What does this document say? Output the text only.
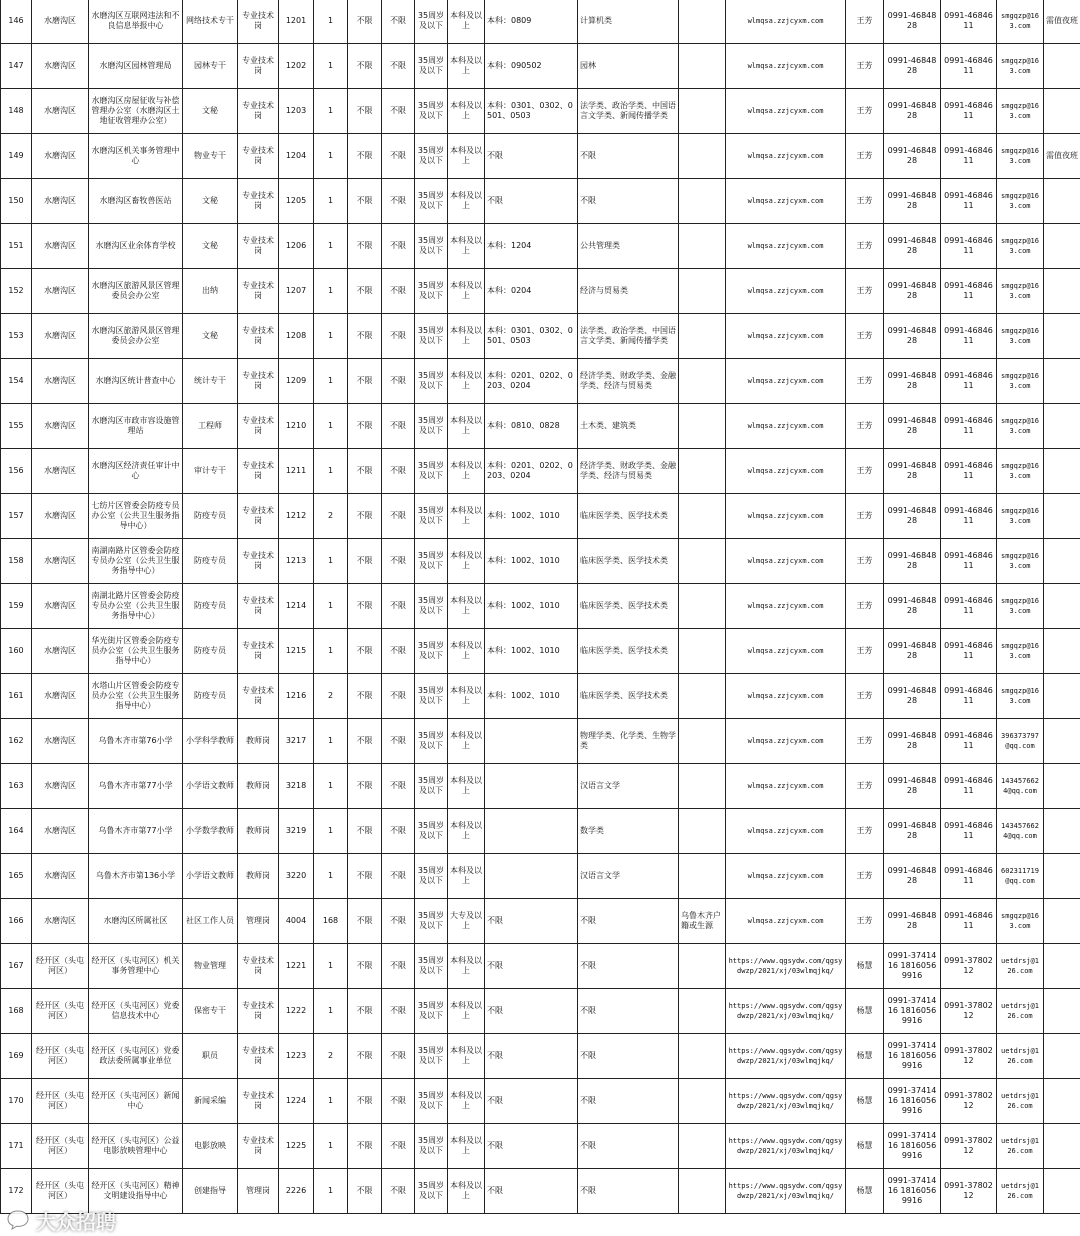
146	水磨沟区	水磨沟区互联网违法和不良信息举报中心	网络技术专干	专业技术岗	1201	1	不限	不限	35周岁及以下	本科及以上	本科：0809	计算机类		wlmqsa.zzjcyxm.com	王芳	0991-4684828	0991-4684611	smgqzp@163.com	需值夜班
147	水磨沟区	水磨沟区园林管理局	园林专干	专业技术岗	1202	1	不限	不限	35周岁及以下	本科及以上	本科：090502	园林		wlmqsa.zzjcyxm.com	王芳	0991-4684828	0991-4684611	smgqzp@163.com	
148	水磨沟区	水磨沟区房屋征收与补偿管理办公室（水磨沟区土地征收管理办公室）	文秘	专业技术岗	1203	1	不限	不限	35周岁及以下	本科及以上	本科：0301、0302、0501、0503	法学类、政治学类、中国语言文学类、新闻传播学类		wlmqsa.zzjcyxm.com	王芳	0991-4684828	0991-4684611	smgqzp@163.com	
149	水磨沟区	水磨沟区机关事务管理中心	物业专干	专业技术岗	1204	1	不限	不限	35周岁及以下	本科及以上	不限	不限		wlmqsa.zzjcyxm.com	王芳	0991-4684828	0991-4684611	smgqzp@163.com	需值夜班
150	水磨沟区	水磨沟区畜牧兽医站	文秘	专业技术岗	1205	1	不限	不限	35周岁及以下	本科及以上	不限	不限		wlmqsa.zzjcyxm.com	王芳	0991-4684828	0991-4684611	smgqzp@163.com	
151	水磨沟区	水磨沟区业余体育学校	文秘	专业技术岗	1206	1	不限	不限	35周岁及以下	本科及以上	本科：1204	公共管理类		wlmqsa.zzjcyxm.com	王芳	0991-4684828	0991-4684611	smgqzp@163.com	
152	水磨沟区	水磨沟区旅游风景区管理委员会办公室	出纳	专业技术岗	1207	1	不限	不限	35周岁及以下	本科及以上	本科：0204	经济与贸易类		wlmqsa.zzjcyxm.com	王芳	0991-4684828	0991-4684611	smgqzp@163.com	
153	水磨沟区	水磨沟区旅游风景区管理委员会办公室	文秘	专业技术岗	1208	1	不限	不限	35周岁及以下	本科及以上	本科：0301、0302、0501、0503	法学类、政治学类、中国语言文学类、新闻传播学类		wlmqsa.zzjcyxm.com	王芳	0991-4684828	0991-4684611	smgqzp@163.com	
154	水磨沟区	水磨沟区统计普查中心	统计专干	专业技术岗	1209	1	不限	不限	35周岁及以下	本科及以上	本科：0201、0202、0203、0204	经济学类、财政学类、金融学类、经济与贸易类		wlmqsa.zzjcyxm.com	王芳	0991-4684828	0991-4684611	smgqzp@163.com	
155	水磨沟区	水磨沟区市政市容设施管理站	工程师	专业技术岗	1210	1	不限	不限	35周岁及以下	本科及以上	本科：0810、0828	土木类、建筑类		wlmqsa.zzjcyxm.com	王芳	0991-4684828	0991-4684611	smgqzp@163.com	
156	水磨沟区	水磨沟区经济责任审计中心	审计专干	专业技术岗	1211	1	不限	不限	35周岁及以下	本科及以上	本科：0201、0202、0203、0204	经济学类、财政学类、金融学类、经济与贸易类		wlmqsa.zzjcyxm.com	王芳	0991-4684828	0991-4684611	smgqzp@163.com	
157	水磨沟区	七纺片区管委会防疫专员办公室（公共卫生服务指导中心）	防疫专员	专业技术岗	1212	2	不限	不限	35周岁及以下	本科及以上	本科：1002、1010	临床医学类、医学技术类		wlmqsa.zzjcyxm.com	王芳	0991-4684828	0991-4684611	smgqzp@163.com	
158	水磨沟区	南湖南路片区管委会防疫专员办公室（公共卫生服务指导中心）	防疫专员	专业技术岗	1213	1	不限	不限	35周岁及以下	本科及以上	本科：1002、1010	临床医学类、医学技术类		wlmqsa.zzjcyxm.com	王芳	0991-4684828	0991-4684611	smgqzp@163.com	
159	水磨沟区	南湖北路片区管委会防疫专员办公室（公共卫生服务指导中心）	防疫专员	专业技术岗	1214	1	不限	不限	35周岁及以下	本科及以上	本科：1002、1010	临床医学类、医学技术类		wlmqsa.zzjcyxm.com	王芳	0991-4684828	0991-4684611	smgqzp@163.com	
160	水磨沟区	华光街片区管委会防疫专员办公室（公共卫生服务指导中心）	防疫专员	专业技术岗	1215	1	不限	不限	35周岁及以下	本科及以上	本科：1002、1010	临床医学类、医学技术类		wlmqsa.zzjcyxm.com	王芳	0991-4684828	0991-4684611	smgqzp@163.com	
161	水磨沟区	水塔山片区管委会防疫专员办公室（公共卫生服务指导中心）	防疫专员	专业技术岗	1216	2	不限	不限	35周岁及以下	本科及以上	本科：1002、1010	临床医学类、医学技术类		wlmqsa.zzjcyxm.com	王芳	0991-4684828	0991-4684611	smgqzp@163.com	
162	水磨沟区	乌鲁木齐市第76小学	小学科学教师	教师岗	3217	1	不限	不限	35周岁及以下	本科及以上		物理学类、化学类、生物学类		wlmqsa.zzjcyxm.com	王芳	0991-4684828	0991-4684611	396373797@qq.com	
163	水磨沟区	乌鲁木齐市第77小学	小学语文教师	教师岗	3218	1	不限	不限	35周岁及以下	本科及以上		汉语言文学		wlmqsa.zzjcyxm.com	王芳	0991-4684828	0991-4684611	1434576624@qq.com	
164	水磨沟区	乌鲁木齐市第77小学	小学数学教师	教师岗	3219	1	不限	不限	35周岁及以下	本科及以上		数学类		wlmqsa.zzjcyxm.com	王芳	0991-4684828	0991-4684611	1434576624@qq.com	
165	水磨沟区	乌鲁木齐市第136小学	小学语文教师	教师岗	3220	1	不限	不限	35周岁及以下	本科及以上		汉语言文学		wlmqsa.zzjcyxm.com	王芳	0991-4684828	0991-4684611	602311719@qq.com	
166	水磨沟区	水磨沟区所属社区	社区工作人员	管理岗	4004	168	不限	不限	35周岁及以下	大专及以上	不限	不限	乌鲁木齐户籍或生源	wlmqsa.zzjcyxm.com	王芳	0991-4684828	0991-4684611	smgqzp@163.com	
167	经开区（头屯河区）	经开区（头屯河区）机关事务管理中心	物业管理	专业技术岗	1221	1	不限	不限	35周岁及以下	本科及以上	不限	不限		https://www.qgsydw.com/qgsydwzp/2021/xj/03wlmqjkq/	杨慧	0991-3741416 18160569916	0991-3780212	uetdrsj@126.com	
168	经开区（头屯河区）	经开区（头屯河区）党委信息技术中心	保密专干	专业技术岗	1222	1	不限	不限	35周岁及以下	本科及以上	不限	不限		https://www.qgsydw.com/qgsydwzp/2021/xj/03wlmqjkq/	杨慧	0991-3741416 18160569916	0991-3780212	uetdrsj@126.com	
169	经开区（头屯河区）	经开区（头屯河区）党委政法委所属事业单位	职员	专业技术岗	1223	2	不限	不限	35周岁及以下	本科及以上	不限	不限		https://www.qgsydw.com/qgsydwzp/2021/xj/03wlmqjkq/	杨慧	0991-3741416 18160569916	0991-3780212	uetdrsj@126.com	
170	经开区（头屯河区）	经开区（头屯河区）新闻中心	新闻采编	专业技术岗	1224	1	不限	不限	35周岁及以下	本科及以上	不限	不限		https://www.qgsydw.com/qgsydwzp/2021/xj/03wlmqjkq/	杨慧	0991-3741416 18160569916	0991-3780212	uetdrsj@126.com	
171	经开区（头屯河区）	经开区（头屯河区）公益电影放映管理中心	电影放映	专业技术岗	1225	1	不限	不限	35周岁及以下	本科及以上	不限	不限		https://www.qgsydw.com/qgsydwzp/2021/xj/03wlmqjkq/	杨慧	0991-3741416 18160569916	0991-3780212	uetdrsj@126.com	
172	经开区（头屯河区）	经开区（头屯河区）精神文明建设指导中心	创建指导	管理岗	2226	1	不限	不限	35周岁及以下	本科及以上	不限	不限		https://www.qgsydw.com/qgsydwzp/2021/xj/03wlmqjkq/	杨慧	0991-3741416 18160569916	0991-3780212	uetdrsj@126.com	
大众招聘
